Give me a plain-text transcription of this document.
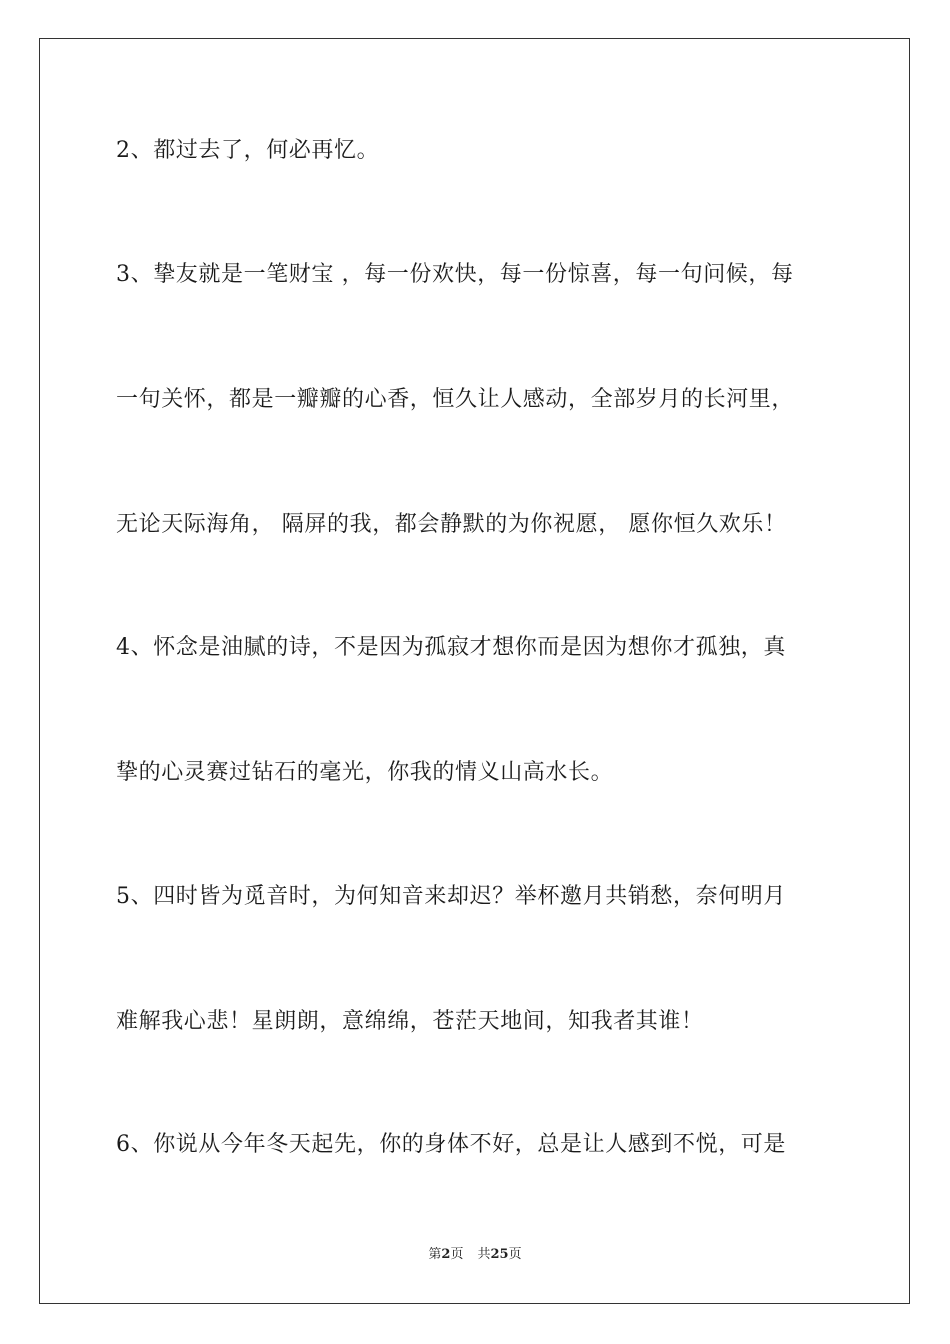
2、都过去了，何必再忆。
3、挚友就是一笔财宝 ，每一份欢快，每一份惊喜，每一句问候，每
一句关怀，都是一瓣瓣的心香，恒久让人感动，全部岁月的长河里，
无论天际海角， 隔屏的我，都会静默的为你祝愿， 愿你恒久欢乐！
4、怀念是油腻的诗，不是因为孤寂才想你而是因为想你才孤独，真
挚的心灵赛过钻石的毫光，你我的情义山高水长。
5、四时皆为觅音时，为何知音来却迟？举杯邀月共销愁，奈何明月
难解我心悲！星朗朗，意绵绵，苍茫天地间，知我者其谁！
6、你说从今年冬天起先，你的身体不好，总是让人感到不悦，可是
第2页 共25页
